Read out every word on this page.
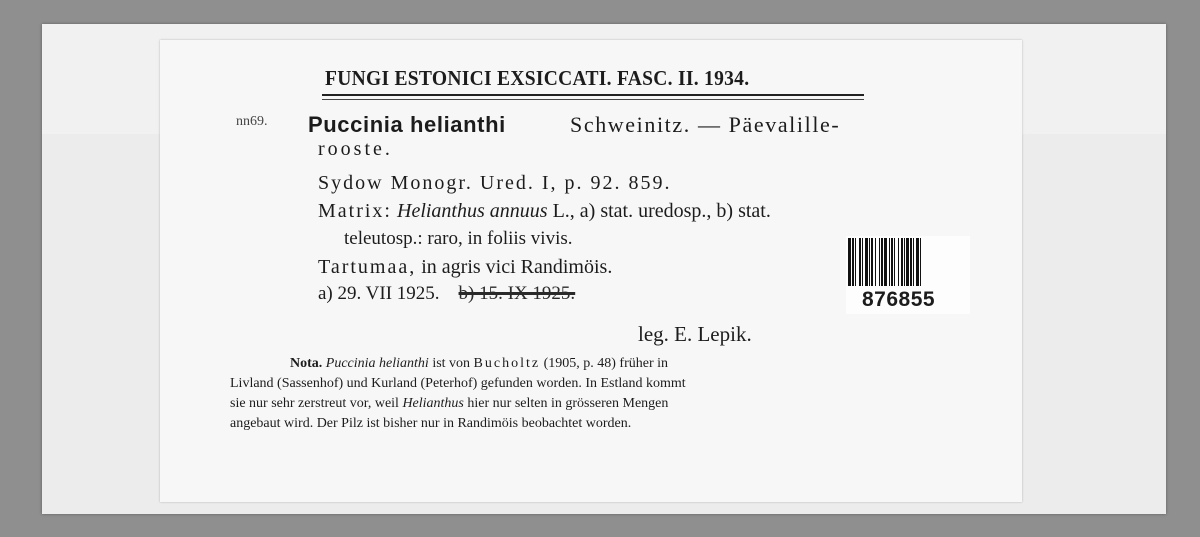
FUNGI ESTONICI EXSICCATI. FASC. II. 1934.
nn69. Puccinia helianthi	Schweinitz. — Päevalille-
rooste.
Sydow Monogr. Ured. I, p. 92. 859.
Matrix: Helianthus annuus L., a) stat. uredosp., b) stat.
teleutosp.: raro, in foliis vivis.
Tartumaa, in agris vici Randimöis.
a) 29. VII 1925. b) 15. IX 1925.
leg. E. Lepik.
Nota. Puccinia helianthi ist von Bucholtz (1905, p. 48) früher in
Livland (Sassenhof) und Kurland (Peterhof) gefunden worden. In Estland kommt
sie nur sehr zerstreut vor, weil Helianthus hier nur selten in grösseren Mengen
angebaut wird. Der Pilz ist bisher nur in Randimöis beobachtet worden.
876855
